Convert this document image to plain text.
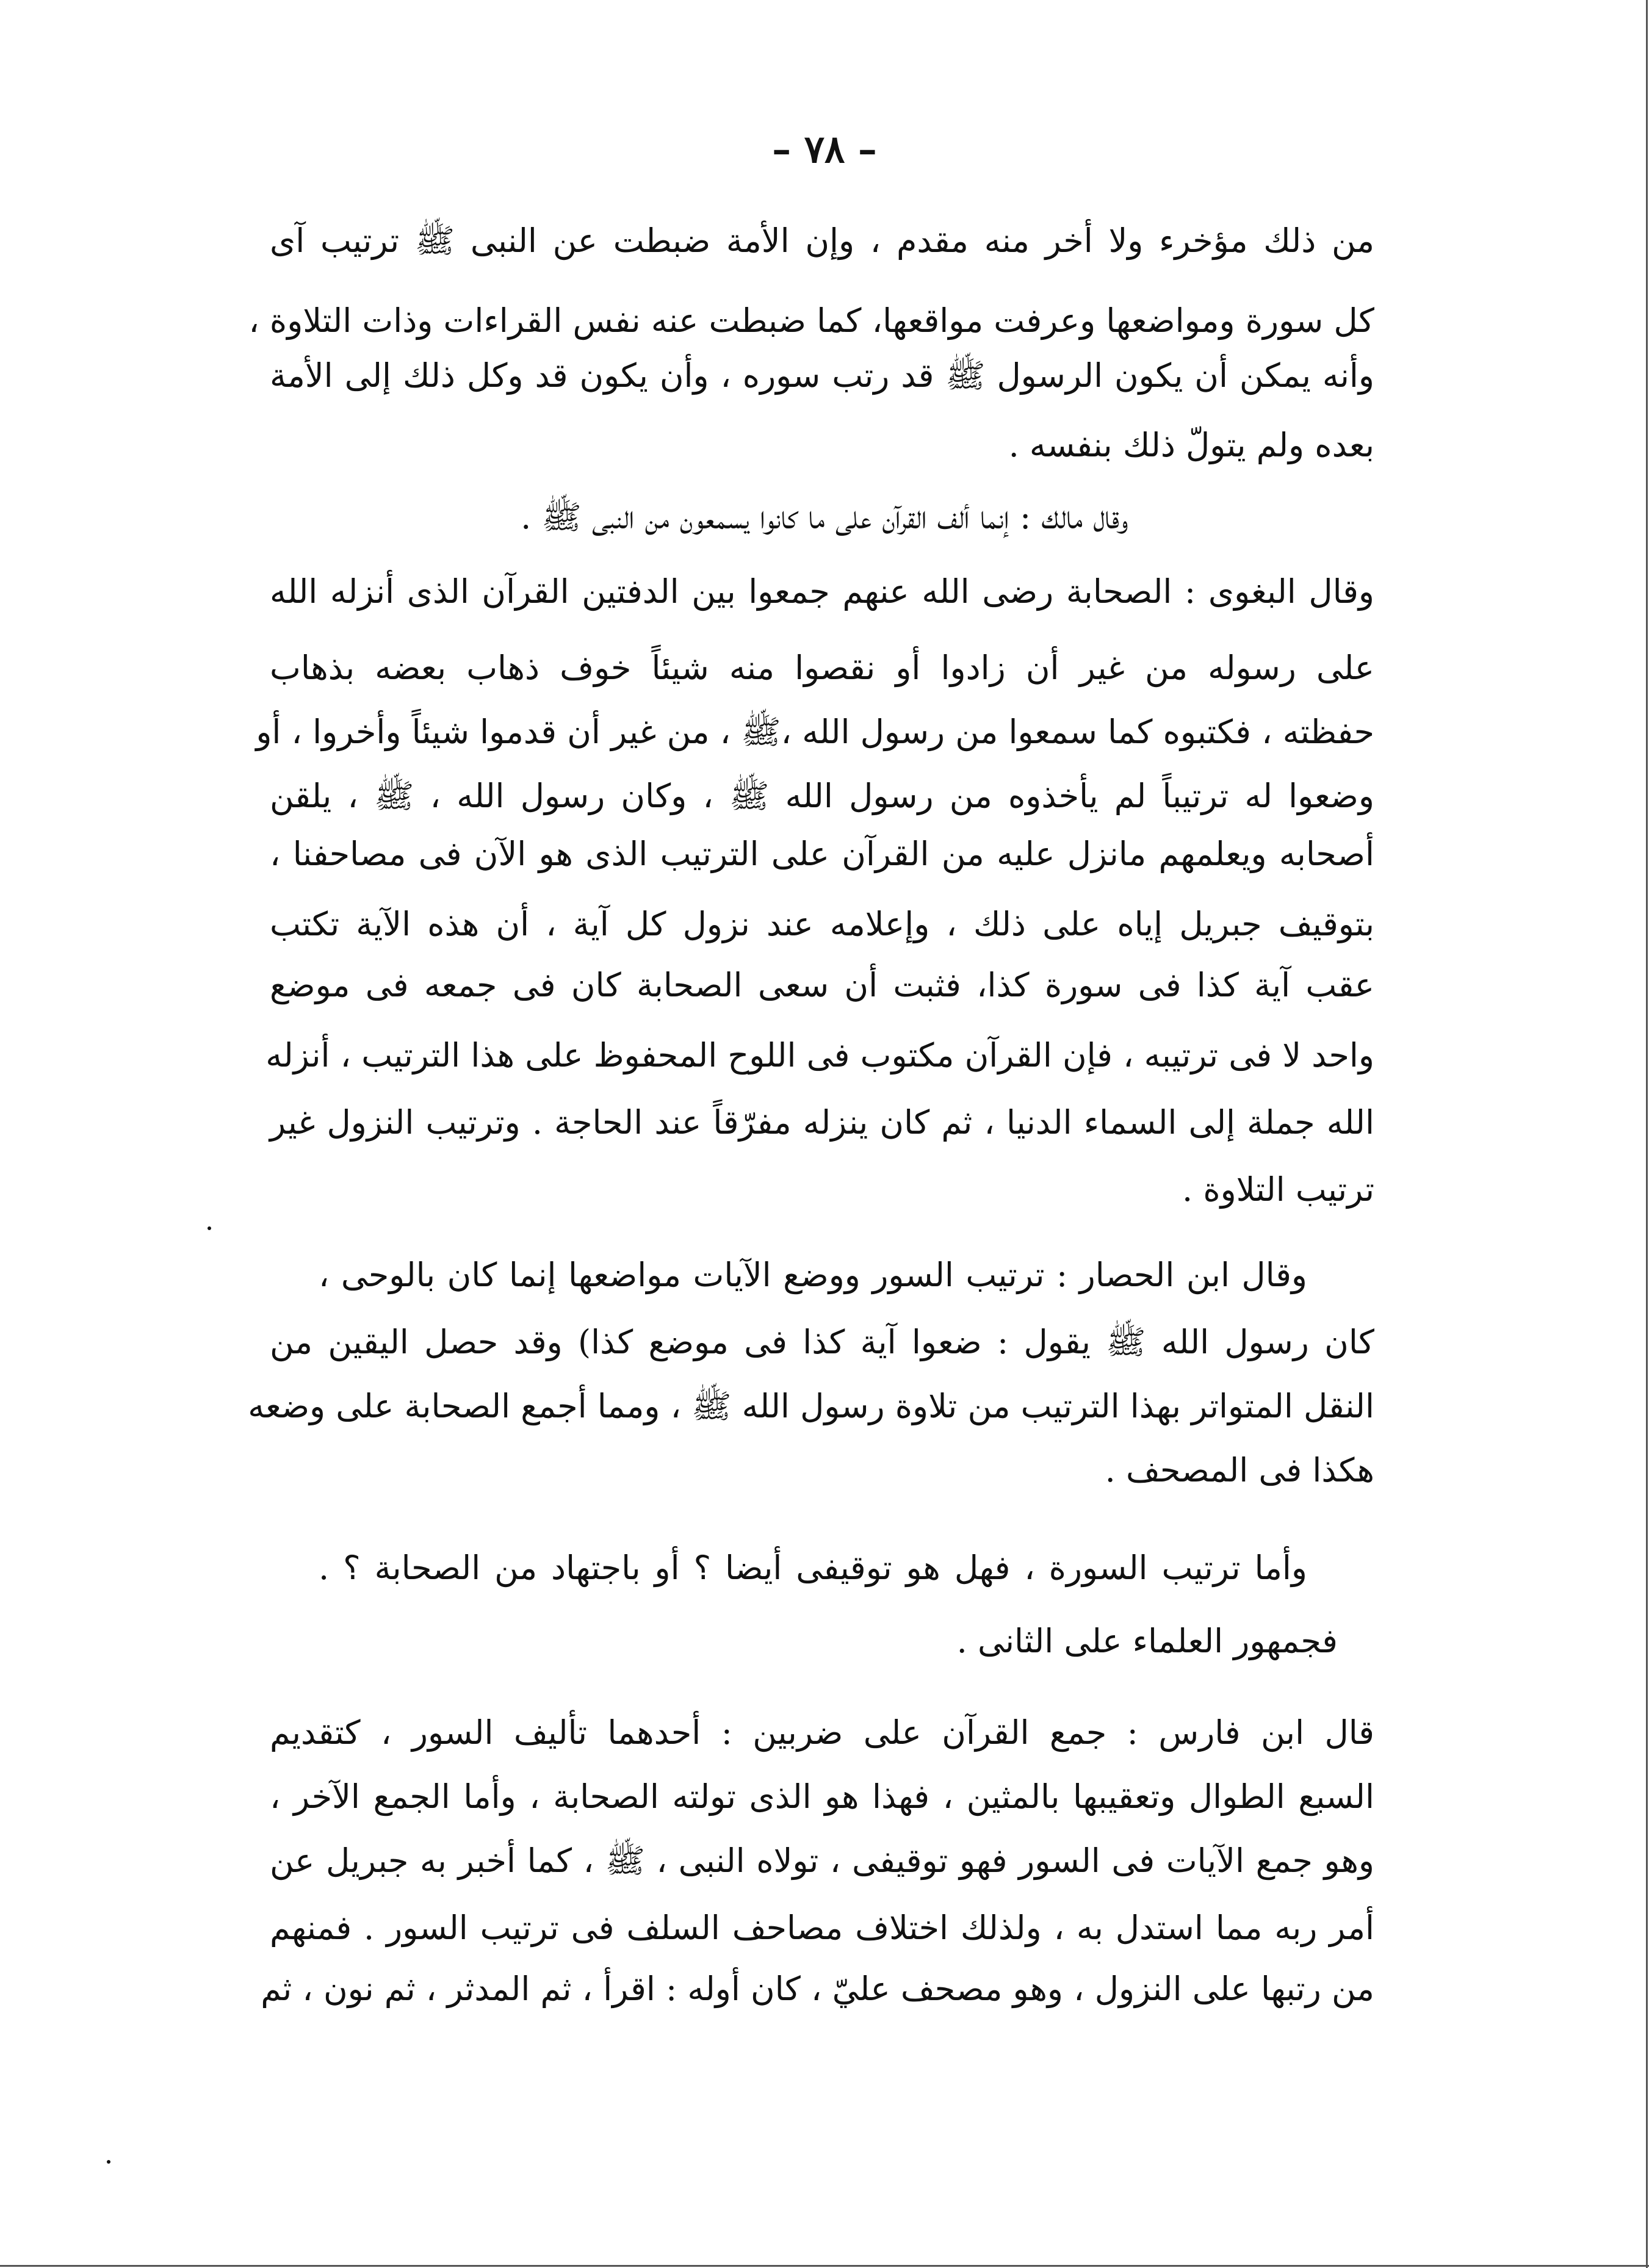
– ٧٨ –
من ذلك مؤخرء ولا أخر منه مقدم ، وإن الأمة ضبطت عن النبى ﷺ ترتيب آى
كل سورة ومواضعها وعرفت مواقعها، كما ضبطت عنه نفس القراءات وذات التلاوة ،
وأنه يمكن أن يكون الرسول ﷺ قد رتب سوره ، وأن يكون قد وكل ذلك إلى الأمة
بعده ولم يتولّ ذلك بنفسه .
وقال مالك : إنما ألف القرآن على ما كانوا يسمعون من النبى ﷺ .
وقال البغوى : الصحابة رضى الله عنهم جمعوا بين الدفتين القرآن الذى أنزله الله
على رسوله من غير أن زادوا أو نقصوا منه شيئاً خوف ذهاب بعضه بذهاب
حفظته ، فكتبوه كما سمعوا من رسول الله ،ﷺ ، من غير أن قدموا شيئاً وأخروا ، أو
وضعوا له ترتيباً لم يأخذوه من رسول الله ﷺ ، وكان رسول الله ، ﷺ ، يلقن
أصحابه ويعلمهم مانزل عليه من القرآن على الترتيب الذى هو الآن فى مصاحفنا ،
بتوقيف جبريل إياه على ذلك ، وإعلامه عند نزول كل آية ، أن هذه الآية تكتب
عقب آية كذا فى سورة كذا، فثبت أن سعى الصحابة كان فى جمعه فى موضع
واحد لا فى ترتيبه ، فإن القرآن مكتوب فى اللوح المحفوظ على هذا الترتيب ، أنزله
الله جملة إلى السماء الدنيا ، ثم كان ينزله مفرّقاً عند الحاجة . وترتيب النزول غير
ترتيب التلاوة .
وقال ابن الحصار : ترتيب السور ووضع الآيات مواضعها إنما كان بالوحى ،
كان رسول الله ﷺ يقول : ضعوا آية كذا فى موضع كذا) وقد حصل اليقين من
النقل المتواتر بهذا الترتيب من تلاوة رسول الله ﷺ ، ومما أجمع الصحابة على وضعه
هكذا فى المصحف .
وأما ترتيب السورة ، فهل هو توقيفى أيضا ؟ أو باجتهاد من الصحابة ؟ .
فجمهور العلماء على الثانى .
قال ابن فارس : جمع القرآن على ضربين : أحدهما تأليف السور ، كتقديم
السبع الطوال وتعقيبها بالمثين ، فهذا هو الذى تولته الصحابة ، وأما الجمع الآخر ،
وهو جمع الآيات فى السور فهو توقيفى ، تولاه النبى ، ﷺ ، كما أخبر به جبريل عن
أمر ربه مما استدل به ، ولذلك اختلاف مصاحف السلف فى ترتيب السور . فمنهم
من رتبها على النزول ، وهو مصحف عليّ ، كان أوله : اقرأ ، ثم المدثر ، ثم نون ، ثم
